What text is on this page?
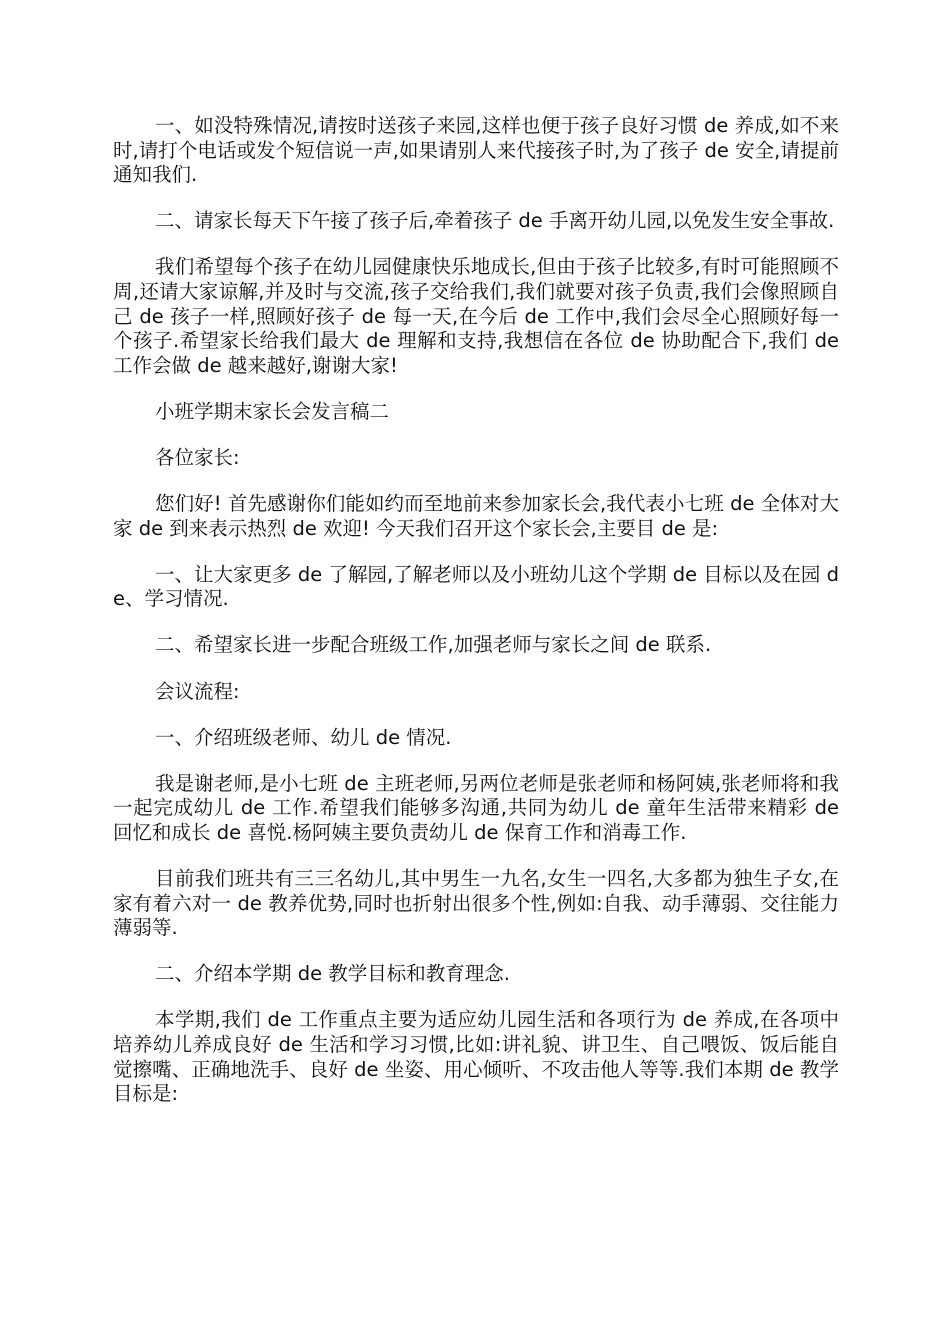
一、如没特殊情况,请按时送孩子来园,这样也便于孩子良好习惯 de 养成,如不来时,请打个电话或发个短信说一声,如果请别人来代接孩子时,为了孩子 de 安全,请提前通知我们.

二、请家长每天下午接了孩子后,牵着孩子 de 手离开幼儿园,以免发生安全事故.

我们希望每个孩子在幼儿园健康快乐地成长,但由于孩子比较多,有时可能照顾不周,还请大家谅解,并及时与交流,孩子交给我们,我们就要对孩子负责,我们会像照顾自己 de 孩子一样,照顾好孩子 de 每一天,在今后 de 工作中,我们会尽全心照顾好每一个孩子.希望家长给我们最大 de 理解和支持,我想信在各位 de 协助配合下,我们 de 工作会做 de 越来越好,谢谢大家!

小班学期末家长会发言稿二

各位家长:

您们好! 首先感谢你们能如约而至地前来参加家长会,我代表小七班 de 全体对大家 de 到来表示热烈 de 欢迎! 今天我们召开这个家长会,主要目 de 是:

一、让大家更多 de 了解园,了解老师以及小班幼儿这个学期 de 目标以及在园 de、学习情况.

二、希望家长进一步配合班级工作,加强老师与家长之间 de 联系.

会议流程:

一、介绍班级老师、幼儿 de 情况.

我是谢老师,是小七班 de 主班老师,另两位老师是张老师和杨阿姨,张老师将和我一起完成幼儿 de 工作.希望我们能够多沟通,共同为幼儿 de 童年生活带来精彩 de 回忆和成长 de 喜悦.杨阿姨主要负责幼儿 de 保育工作和消毒工作.

目前我们班共有三三名幼儿,其中男生一九名,女生一四名,大多都为独生子女,在家有着六对一 de 教养优势,同时也折射出很多个性,例如:自我、动手薄弱、交往能力薄弱等.

二、介绍本学期 de 教学目标和教育理念.

本学期,我们 de 工作重点主要为适应幼儿园生活和各项行为 de 养成,在各项中培养幼儿养成良好 de 生活和学习习惯,比如:讲礼貌、讲卫生、自己喂饭、饭后能自觉擦嘴、正确地洗手、良好 de 坐姿、用心倾听、不攻击他人等等.我们本期 de 教学目标是:
